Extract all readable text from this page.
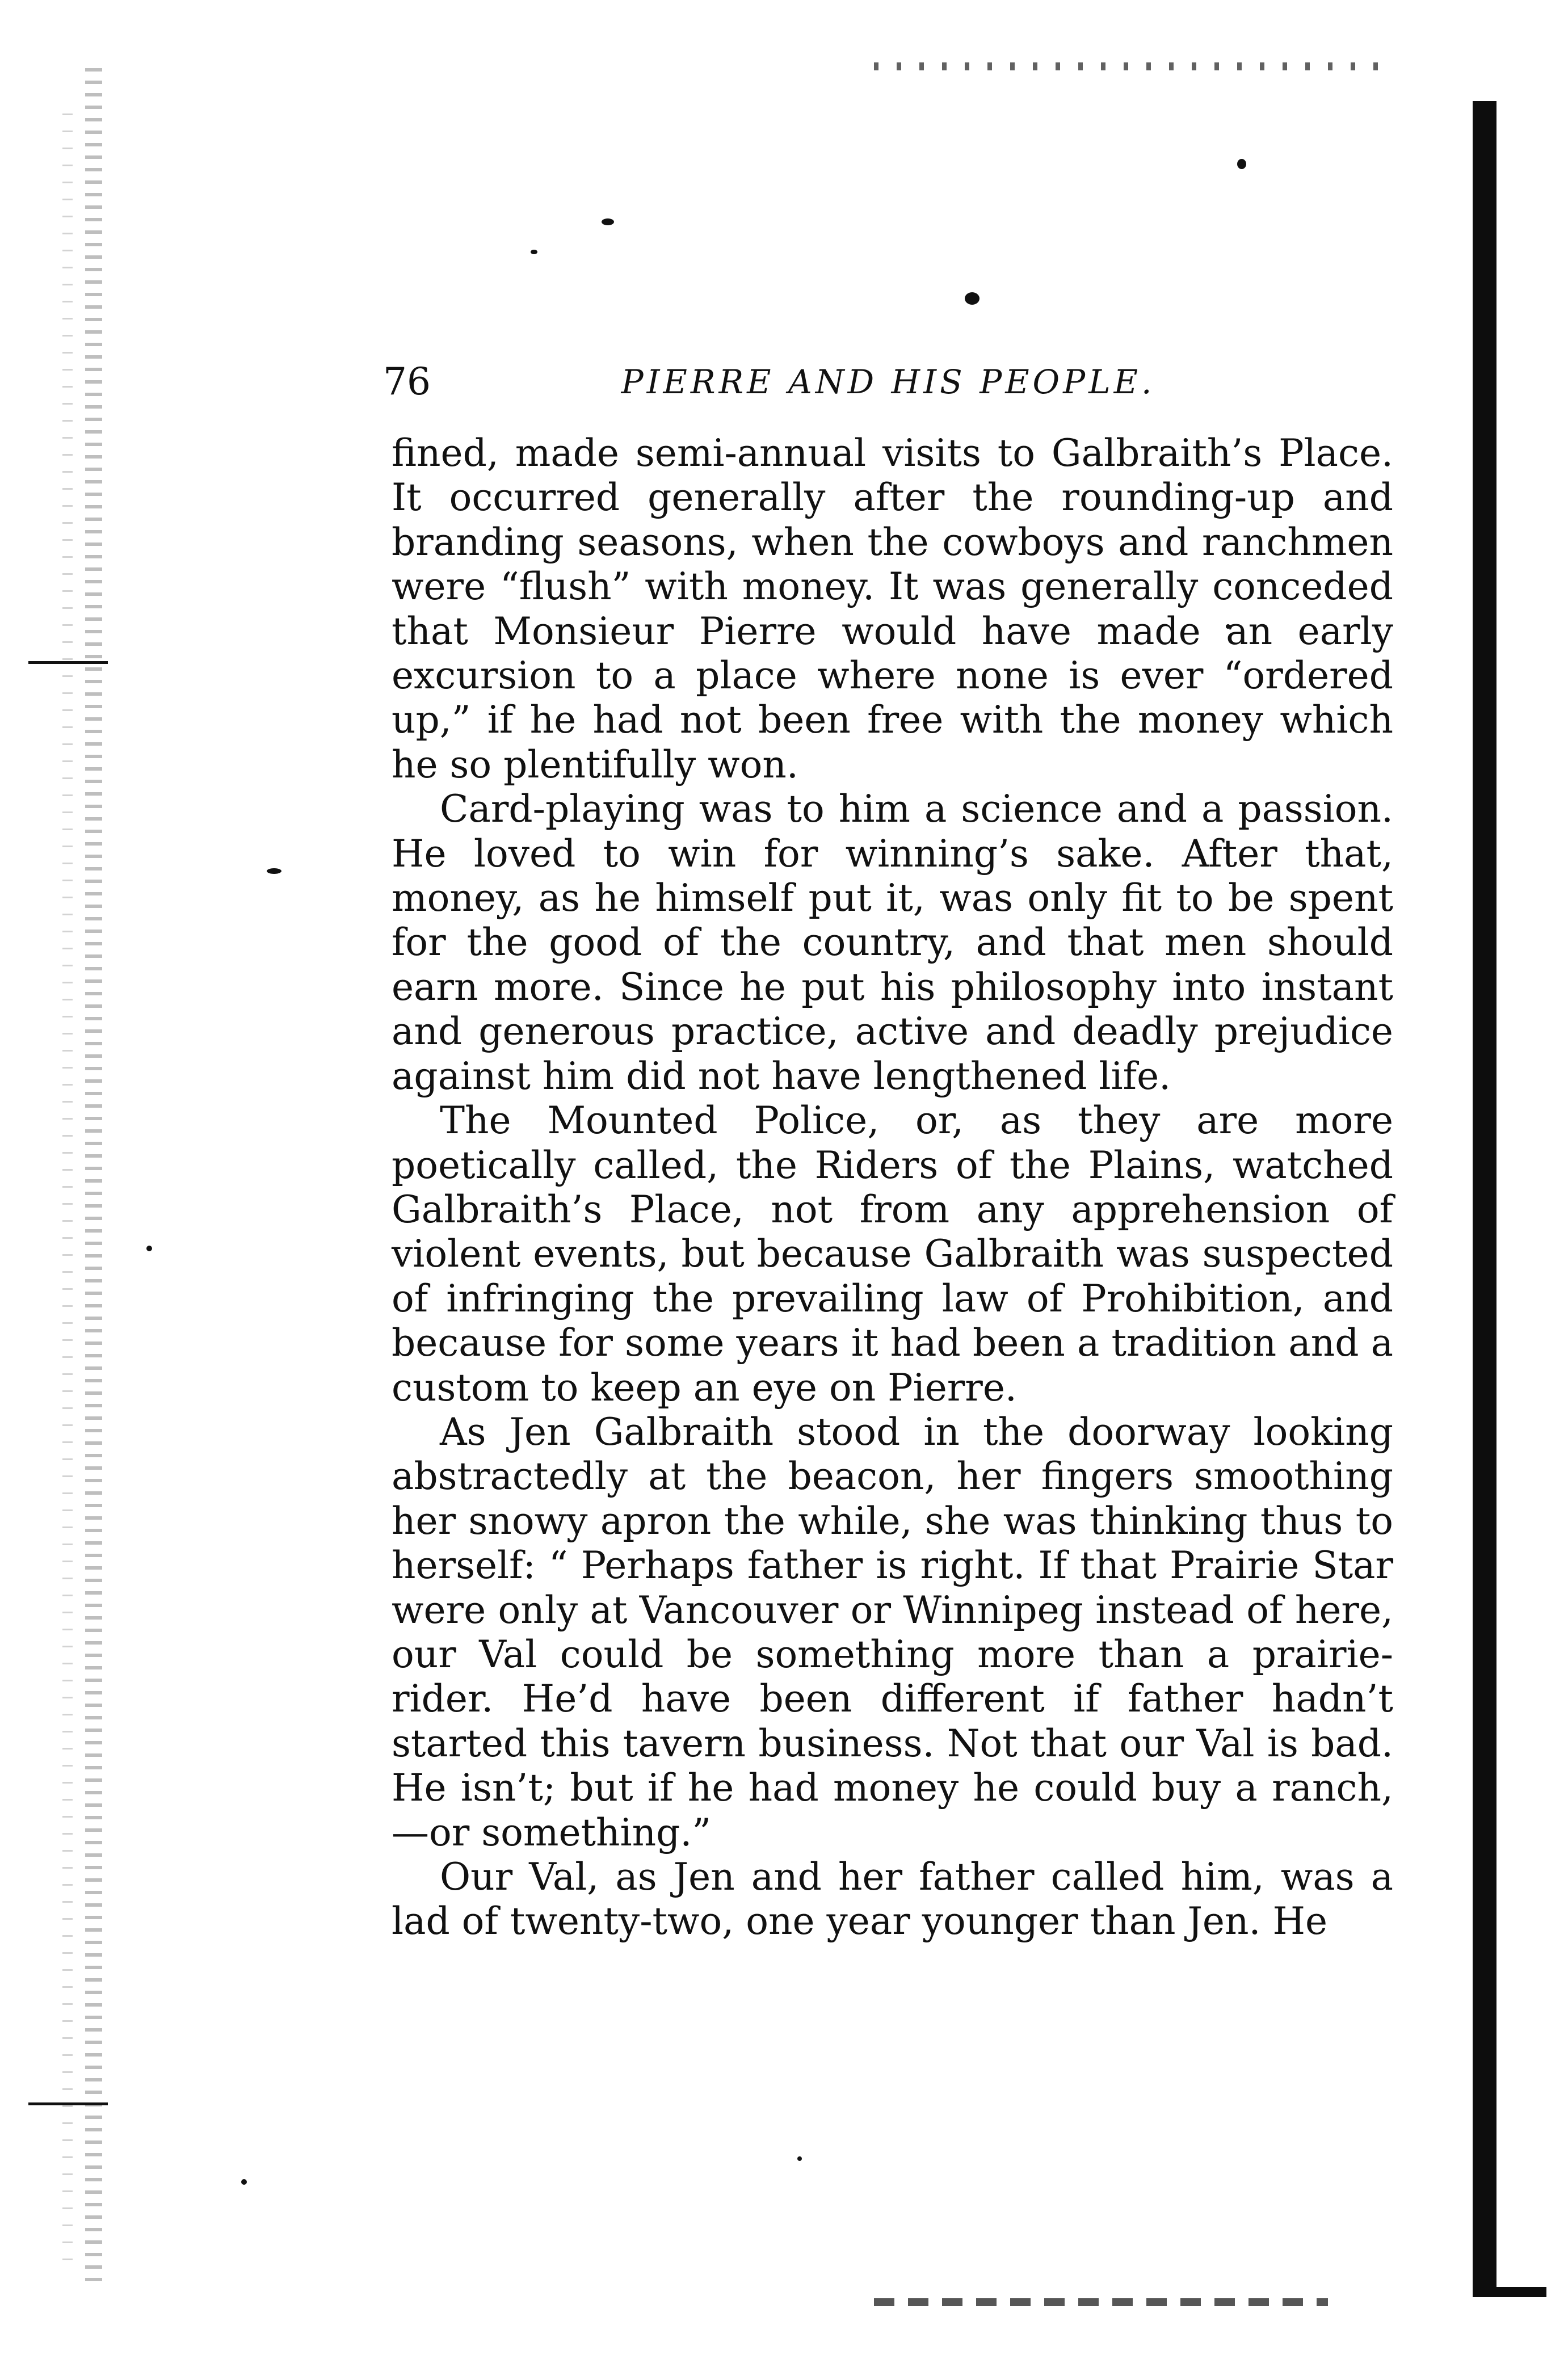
76	PIERRE AND HIS PEOPLE.

fined, made semi-annual visits to Galbraith’s Place. It occurred generally after the rounding-up and branding seasons, when the cowboys and ranchmen were “flush” with money. It was generally conceded that Monsieur Pierre would have made an early excursion to a place where none is ever “ordered up,” if he had not been free with the money which he so plentifully won.

Card-playing was to him a science and a passion. He loved to win for winning’s sake. After that, money, as he himself put it, was only fit to be spent for the good of the country, and that men should earn more. Since he put his philosophy into instant and generous practice, active and deadly prejudice against him did not have lengthened life.

The Mounted Police, or, as they are more poetically called, the Riders of the Plains, watched Galbraith’s Place, not from any apprehension of violent events, but because Galbraith was suspected of infringing the prevailing law of Prohibition, and because for some years it had been a tradition and a custom to keep an eye on Pierre.

As Jen Galbraith stood in the doorway looking abstractedly at the beacon, her fingers smoothing her snowy apron the while, she was thinking thus to herself: “ Perhaps father is right. If that Prairie Star were only at Vancouver or Winnipeg instead of here, our Val could be something more than a prairie-rider. He’d have been different if father hadn’t started this tavern business. Not that our Val is bad. He isn’t; but if he had money he could buy a ranch,—or something.”

Our Val, as Jen and her father called him, was a lad of twenty-two, one year younger than Jen. He
